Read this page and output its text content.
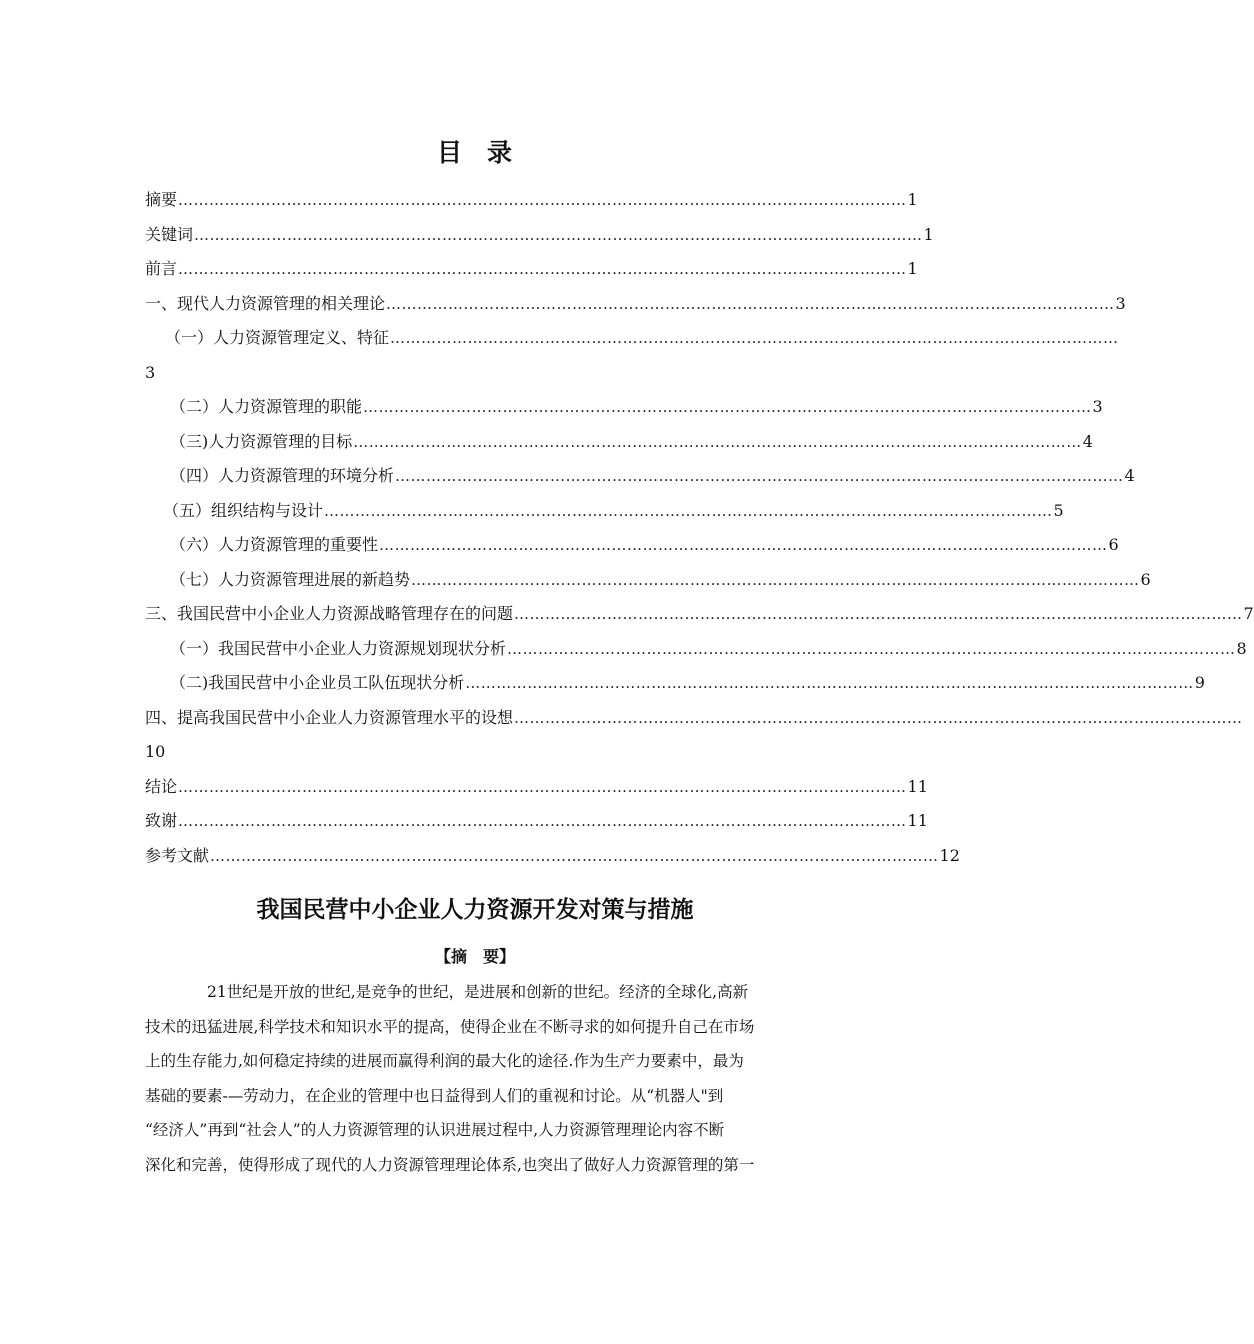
目 录
摘要 …………………………………………………………………………………………………………………………… 1
关键词 …………………………………………………………………………………………………………………………… 1
前言 …………………………………………………………………………………………………………………………… 1
一、现代人力资源管理的相关理论 …………………………………………………………………………………………………………………………… 3
（一）人力资源管理定义、特征 ……………………………………………………………………………………………………………………………
3
（二）人力资源管理的职能 …………………………………………………………………………………………………………………………… 3
（三)人力资源管理的目标 …………………………………………………………………………………………………………………………… 4
（四）人力资源管理的环境分析 …………………………………………………………………………………………………………………………… 4
（五）组织结构与设计 …………………………………………………………………………………………………………………………… 5
（六）人力资源管理的重要性 …………………………………………………………………………………………………………………………… 6
（七）人力资源管理进展的新趋势 …………………………………………………………………………………………………………………………… 6
三、我国民营中小企业人力资源战略管理存在的问题 …………………………………………………………………………………………………………………………… 7
（一）我国民营中小企业人力资源规划现状分析 …………………………………………………………………………………………………………………………… 8
（二)我国民营中小企业员工队伍现状分析 …………………………………………………………………………………………………………………………… 9
四、提高我国民营中小企业人力资源管理水平的设想 ……………………………………………………………………………………………………………………………
10
结论 …………………………………………………………………………………………………………………………… 11
致谢 …………………………………………………………………………………………………………………………… 11
参考文献 …………………………………………………………………………………………………………………………… 12
我国民营中小企业人力资源开发对策与措施
【摘　要】
　　　　21世纪是开放的世纪,是竞争的世纪，是进展和创新的世纪。经济的全球化,高新
技术的迅猛进展,科学技术和知识水平的提高，使得企业在不断寻求的如何提升自己在市场
上的生存能力,如何稳定持续的进展而赢得利润的最大化的途径.作为生产力要素中，最为
基础的要素-—劳动力，在企业的管理中也日益得到人们的重视和讨论。从“机器人"到
“经济人”再到“社会人”的人力资源管理的认识进展过程中,人力资源管理理论内容不断
深化和完善，使得形成了现代的人力资源管理理论体系,也突出了做好人力资源管理的第一
